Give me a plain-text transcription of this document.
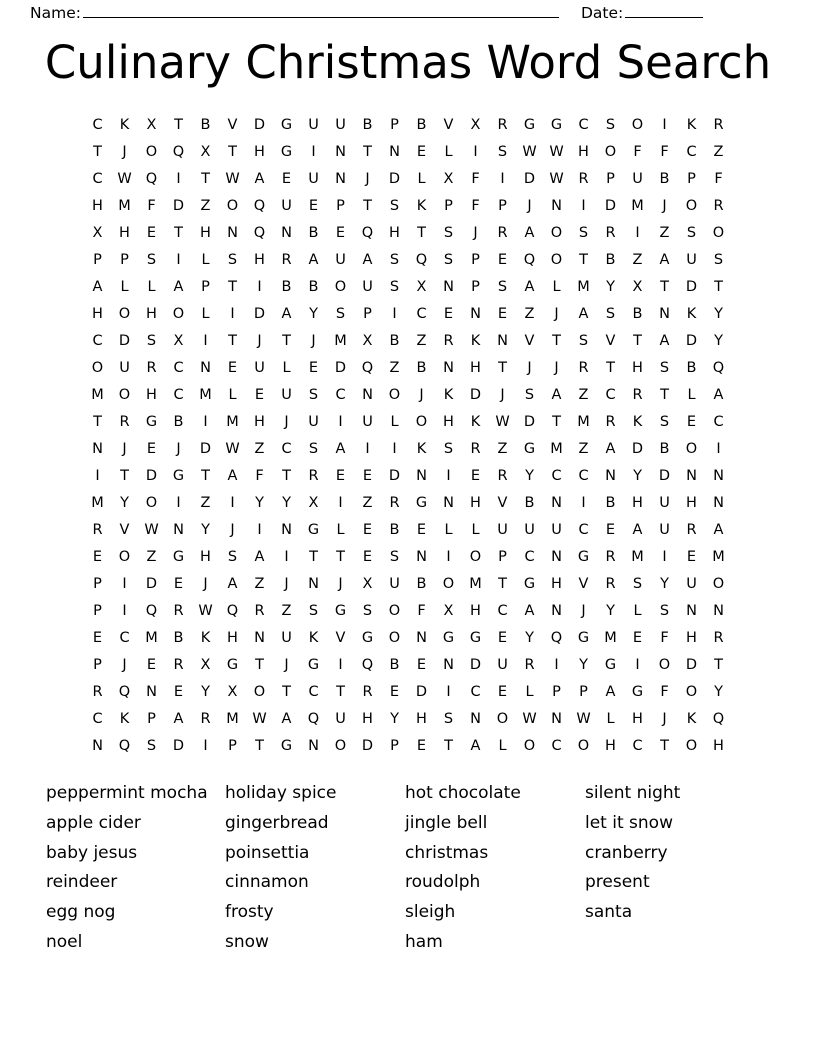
Name:	Date:
Culinary Christmas Word Search
C	K	X	T	B	V	D	G	U	U	B	P	B	V	X	R	G	G	C	S	O	I	K	R
T	J	O	Q	X	T	H	G	I	N	T	N	E	L	I	S	W W H	O	F	F	C	Z
C	W Q	I	T	W	A	E	U	N	J	D	L	X	F	I	D W	R	P	U	B	P	F
H	M	F	D	Z	O	Q	U	E	P	T	S	K	P	F	P	J	N	I	D	M	J	O	R
X	H	E	T	H	N	Q	N	B	E	Q	H	T	S	J	R	A	O	S	R	I	Z	S	O
P	P	S	I	L	S	H	R	A	U	A	S	Q	S	P	E	Q	O	T	B	Z	A	U	S
A	L	L	A	P	T	I	B	B	O	U	S	X	N	P	S	A	L	M	Y	X	T	D	T
H	O	H	O	L	I	D	A	Y	S	P	I	C	E	N	E	Z	J	A	S	B	N	K	Y
C	D	S	X	I	T	J	T	J	M	X	B	Z	R	K	N	V	T	S	V	T	A	D	Y
O	U	R	C	N	E	U	L	E	D	Q	Z	B	N	H	T	J	J	R	T	H	S	B	Q
M	O	H	C	M	L	E	U	S	C	N	O	J	K	D	J	S	A	Z	C	R	T	L	A
T	R	G	B	I	M	H	J	U	I	U	L	O	H	K	W D	T	M	R	K	S	E	C
N	J	E	J	D W	Z	C	S	A	I	I	K	S	R	Z	G	M	Z	A	D	B	O	I
I	T	D	G	T	A	F	T	R	E	E	D	N	I	E	R	Y	C	C	N	Y	D	N	N
M	Y	O	I	Z	I	Y	Y	X	I	Z	R	G	N	H	V	B	N	I	B	H	U	H	N
R	V	W N	Y	J	I	N	G	L	E	B	E	L	L	U	U	U	C	E	A	U	R	A
E	O	Z	G	H	S	A	I	T	T	E	S	N	I	O	P	C	N	G	R	M	I	E	M
P	I	D	E	J	A	Z	J	N	J	X	U	B	O	M	T	G	H	V	R	S	Y	U	O
P	I	Q	R	W Q	R	Z	S	G	S	O	F	X	H	C	A	N	J	Y	L	S	N	N
E	C	M	B	K	H	N	U	K	V	G	O	N	G	G	E	Y	Q	G	M	E	F	H	R
P	J	E	R	X	G	T	J	G	I	Q	B	E	N	D	U	R	I	Y	G	I	O	D	T
R	Q	N	E	Y	X	O	T	C	T	R	E	D	I	C	E	L	P	P	A	G	F	O	Y
C	K	P	A	R	M W	A	Q	U	H	Y	H	S	N	O W N W	L	H	J	K	Q
N	Q	S	D	I	P	T	G	N	O	D	P	E	T	A	L	O	C	O	H	C	T	O	H
peppermint mocha
apple cider
baby jesus
reindeer
egg nog
noel
holiday spice
gingerbread
poinsettia
cinnamon
frosty
snow
hot chocolate
jingle bell
christmas
roudolph
sleigh
ham
silent night
let it snow
cranberry
present
santa
